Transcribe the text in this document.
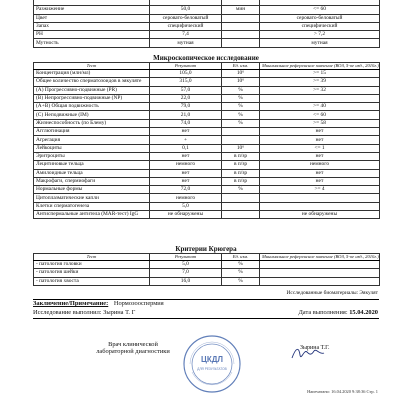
Разжижение	50,0	мин	<= 60
Цвет	серовато-беловатый		серовато-беловатый
Запах	специфический		специфический
PH	7,4		> 7,2
Мутность	мутная		мутная
Микроскопическое исследование
Тест	Результат	Ед. изм.	Минимальное референсное значение (ВОЗ, 5-ое изд., 2010г.)
Концентрация (млн/мл)	105,0	10⁶	>= 15
Общее количество сперматозоидов в эякуляте	315,0	10⁶	>= 39
(A) Прогрессивно-подвижные (PR)	57,0	%	>= 32
(B) Непрогрессивно-подвижные (NP)	22,0	%	
(A+B) Общая подвижность	79,0	%	>= 40
(C) Неподвижные (IM)	21,0	%	<= 60
Жизнеспособность (по Блему)	74,0	%	>= 58
Агглютинация	нет		нет
Агрегация	+		нет
Лейкоциты	0,1	10⁶	<= 1
Эритроциты	нет	в п/зр	нет
Лецитиновые тельца	немного	в п/зр	немного
Амилоидные тельца	нет	в п/зр	нет
Макрофаги, спермиофаги	нет	в п/зр	нет
Нормальные формы	72,0	%	>= 4
Цитоплазматические капли	немного		
Клетки сперматогенеза	5,0		
Антиспермальные антитела (MAR-тест) IgG	не обнаружены		не обнаружены
Критерии Крюгера
Тест	Результат	Ед. изм.	Минимальное референсное значение (ВОЗ, 5-ое изд., 2010г.)
- патология головки	5,0	%	
- патология шейки	7,0	%	
- патология хвоста	16,0	%	
Исследованные биоматериалы: Эякулят
Заключение/Примечание: Нормозооспермия
Исследование выполнил: Зырина Т. Г	Дата выполнения: 15.04.2020
Врач клинической
лабораторной диагностики
ЦКДЛ
ДЛЯ РЕЗУЛЬТАТОВ
Зырина Т.Г.
Напечатано: 16.04.2020 9:38:36 Стр. 1
